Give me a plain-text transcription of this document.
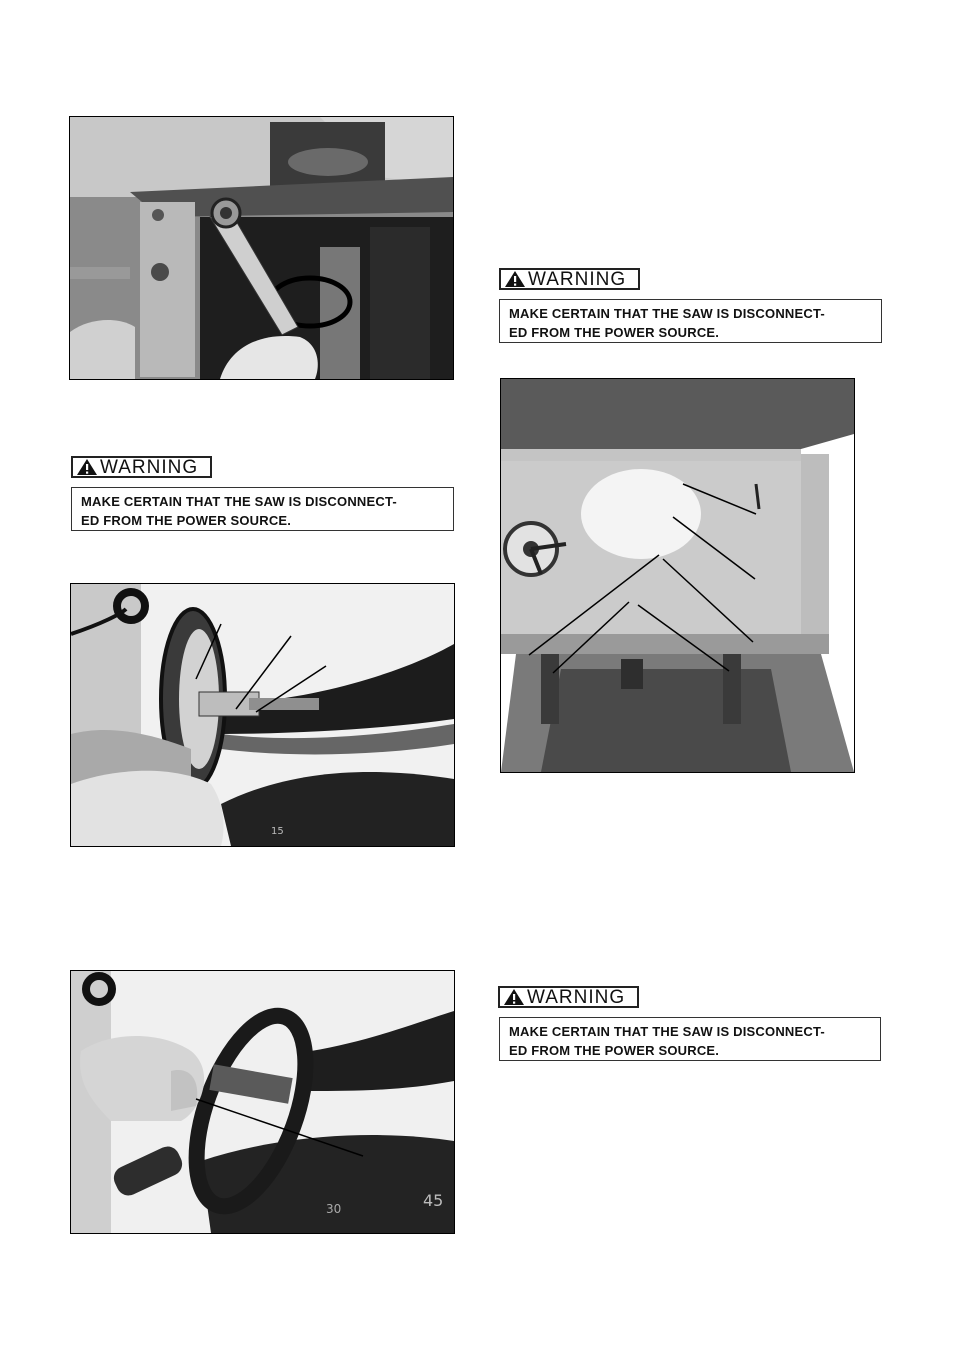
WARNING
MAKE CERTAIN THAT THE SAW IS DISCONNECT-
ED FROM THE POWER SOURCE.
15
15	30	45
WARNING
MAKE CERTAIN THAT THE SAW IS DISCONNECT-
ED FROM THE POWER SOURCE.
WARNING
MAKE CERTAIN THAT THE SAW IS DISCONNECT-
ED FROM THE POWER SOURCE.
